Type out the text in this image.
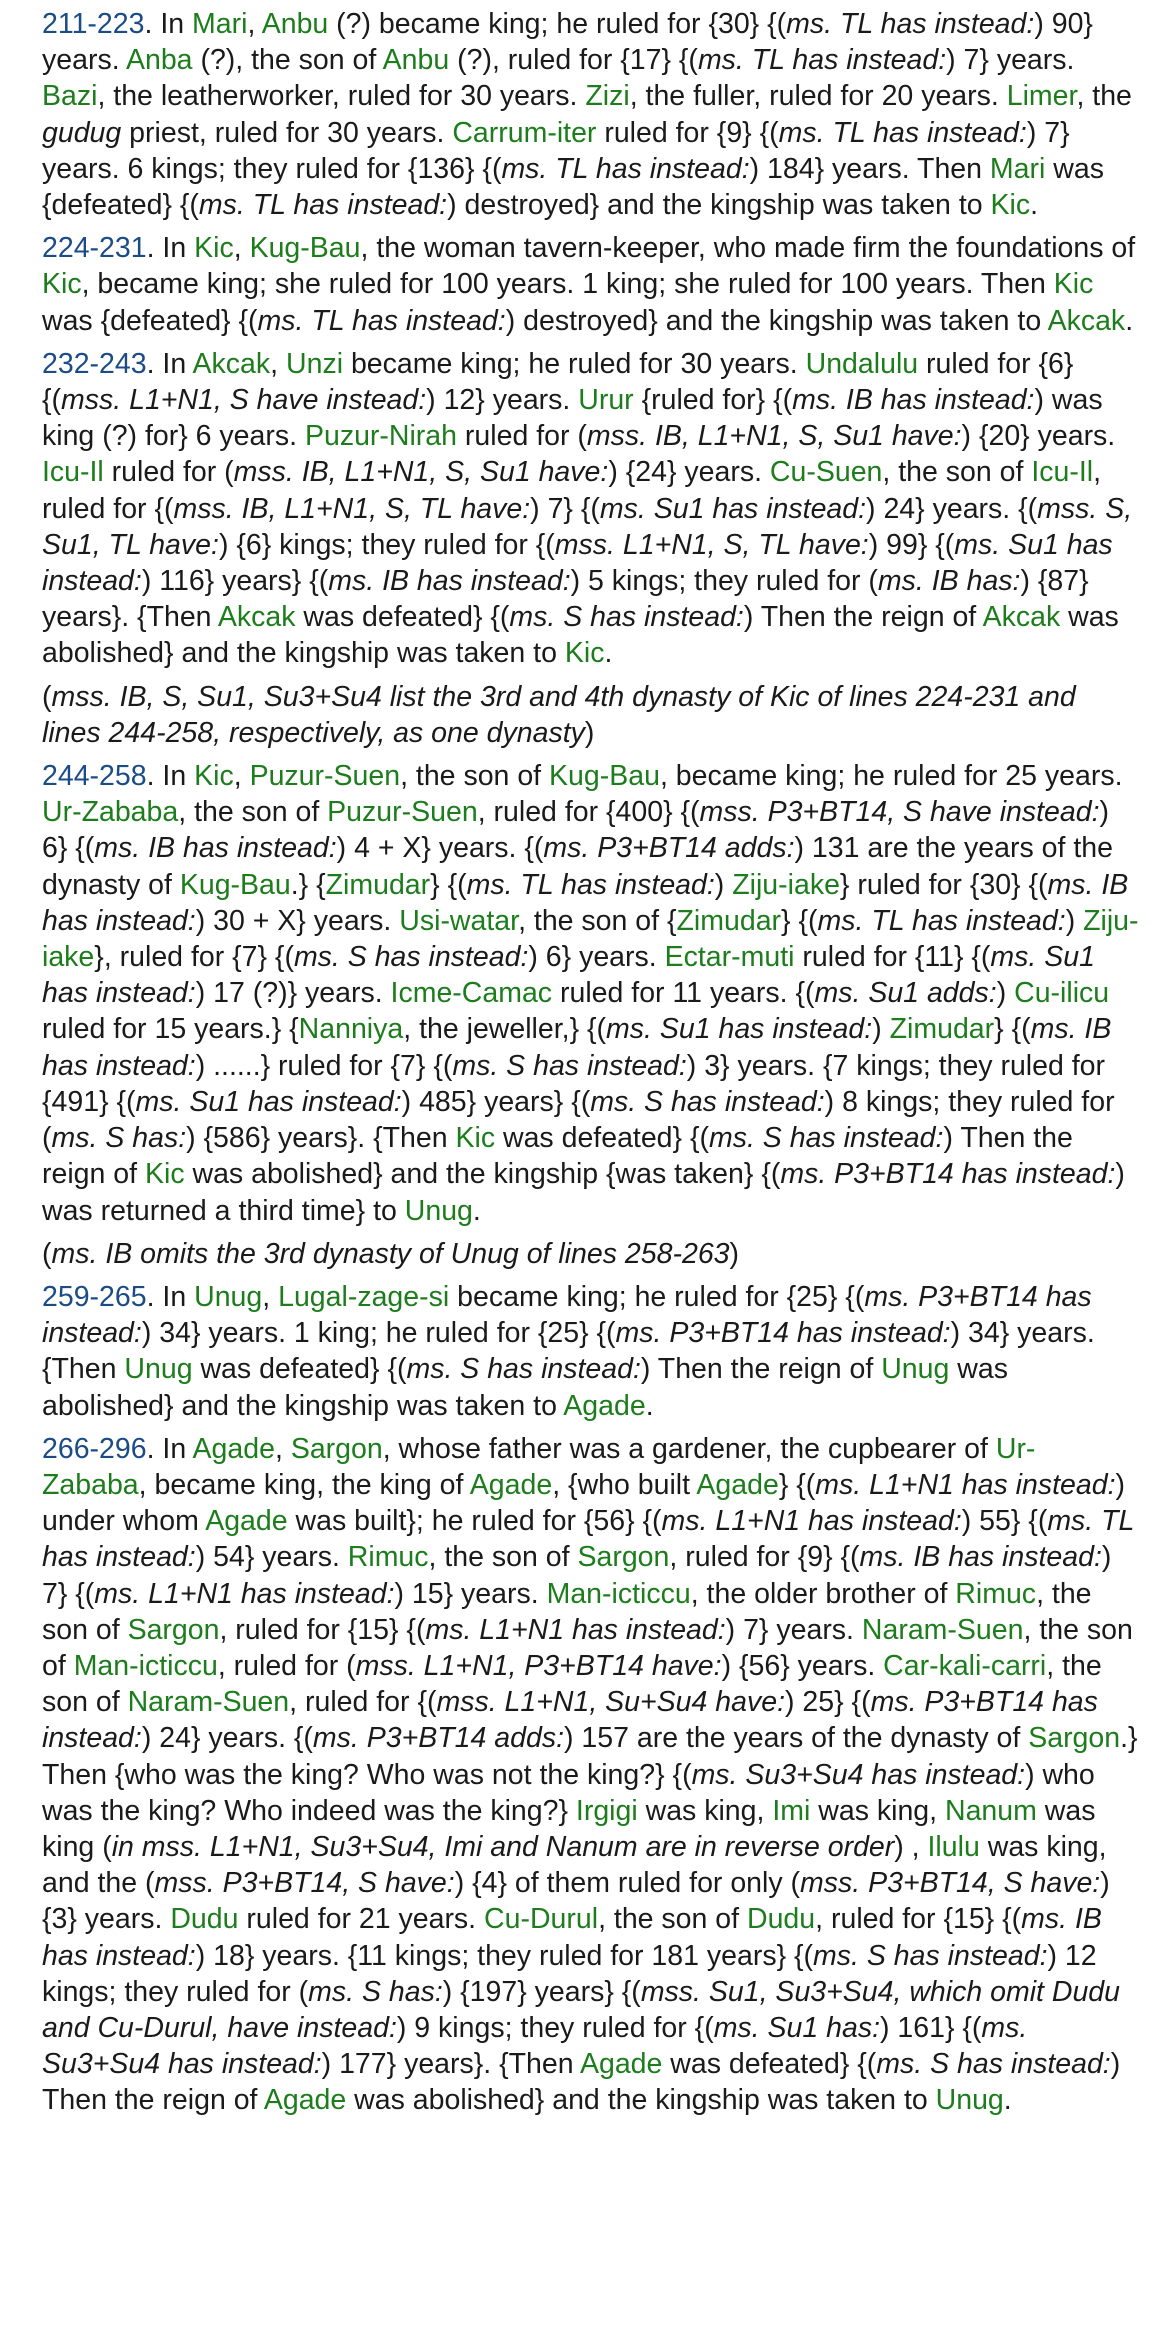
211-223. In Mari, Anbu (?) became king; he ruled for {30} {(ms. TL has instead:) 90} years. Anba (?), the son of Anbu (?), ruled for {17} {(ms. TL has instead:) 7} years. Bazi, the leatherworker, ruled for 30 years. Zizi, the fuller, ruled for 20 years. Limer, the gudug priest, ruled for 30 years. Carrum-iter ruled for {9} {(ms. TL has instead:) 7} years. 6 kings; they ruled for {136} {(ms. TL has instead:) 184} years. Then Mari was {defeated} {(ms. TL has instead:) destroyed} and the kingship was taken to Kic.

224-231. In Kic, Kug-Bau, the woman tavern-keeper, who made firm the foundations of Kic, became king; she ruled for 100 years. 1 king; she ruled for 100 years. Then Kic was {defeated} {(ms. TL has instead:) destroyed} and the kingship was taken to Akcak.

232-243. In Akcak, Unzi became king; he ruled for 30 years. Undalulu ruled for {6} {(mss. L1+N1, S have instead:) 12} years. Urur {ruled for} {(ms. IB has instead:) was king (?) for} 6 years. Puzur-Nirah ruled for (mss. IB, L1+N1, S, Su1 have:) {20} years. Icu-Il ruled for (mss. IB, L1+N1, S, Su1 have:) {24} years. Cu-Suen, the son of Icu-Il, ruled for {(mss. IB, L1+N1, S, TL have:) 7} {(ms. Su1 has instead:) 24} years. {(mss. S, Su1, TL have:) {6} kings; they ruled for {(mss. L1+N1, S, TL have:) 99} {(ms. Su1 has instead:) 116} years} {(ms. IB has instead:) 5 kings; they ruled for (ms. IB has:) {87} years}. {Then Akcak was defeated} {(ms. S has instead:) Then the reign of Akcak was abolished} and the kingship was taken to Kic.

(mss. IB, S, Su1, Su3+Su4 list the 3rd and 4th dynasty of Kic of lines 224-231 and lines 244-258, respectively, as one dynasty)

244-258. In Kic, Puzur-Suen, the son of Kug-Bau, became king; he ruled for 25 years. Ur-Zababa, the son of Puzur-Suen, ruled for {400} {(mss. P3+BT14, S have instead:) 6} {(ms. IB has instead:) 4 + X} years. {(ms. P3+BT14 adds:) 131 are the years of the dynasty of Kug-Bau.} {Zimudar} {(ms. TL has instead:) Ziju-iake} ruled for {30} {(ms. IB has instead:) 30 + X} years. Usi-watar, the son of {Zimudar} {(ms. TL has instead:) Ziju-iake}, ruled for {7} {(ms. S has instead:) 6} years. Ectar-muti ruled for {11} {(ms. Su1 has instead:) 17 (?)} years. Icme-Camac ruled for 11 years. {(ms. Su1 adds:) Cu-ilicu ruled for 15 years.} {Nanniya, the jeweller,} {(ms. Su1 has instead:) Zimudar} {(ms. IB has instead:) ......} ruled for {7} {(ms. S has instead:) 3} years. {7 kings; they ruled for {491} {(ms. Su1 has instead:) 485} years} {(ms. S has instead:) 8 kings; they ruled for (ms. S has:) {586} years}. {Then Kic was defeated} {(ms. S has instead:) Then the reign of Kic was abolished} and the kingship {was taken} {(ms. P3+BT14 has instead:) was returned a third time} to Unug.

(ms. IB omits the 3rd dynasty of Unug of lines 258-263)

259-265. In Unug, Lugal-zage-si became king; he ruled for {25} {(ms. P3+BT14 has instead:) 34} years. 1 king; he ruled for {25} {(ms. P3+BT14 has instead:) 34} years. {Then Unug was defeated} {(ms. S has instead:) Then the reign of Unug was abolished} and the kingship was taken to Agade.

266-296. In Agade, Sargon, whose father was a gardener, the cupbearer of Ur-Zababa, became king, the king of Agade, {who built Agade} {(ms. L1+N1 has instead:) under whom Agade was built}; he ruled for {56} {(ms. L1+N1 has instead:) 55} {(ms. TL has instead:) 54} years. Rimuc, the son of Sargon, ruled for {9} {(ms. IB has instead:) 7} {(ms. L1+N1 has instead:) 15} years. Man-icticcu, the older brother of Rimuc, the son of Sargon, ruled for {15} {(ms. L1+N1 has instead:) 7} years. Naram-Suen, the son of Man-icticcu, ruled for (mss. L1+N1, P3+BT14 have:) {56} years. Car-kali-carri, the son of Naram-Suen, ruled for {(mss. L1+N1, Su+Su4 have:) 25} {(ms. P3+BT14 has instead:) 24} years. {(ms. P3+BT14 adds:) 157 are the years of the dynasty of Sargon.} Then {who was the king? Who was not the king?} {(ms. Su3+Su4 has instead:) who was the king? Who indeed was the king?} Irgigi was king, Imi was king, Nanum was king (in mss. L1+N1, Su3+Su4, Imi and Nanum are in reverse order) , Ilulu was king, and the (mss. P3+BT14, S have:) {4} of them ruled for only (mss. P3+BT14, S have:) {3} years. Dudu ruled for 21 years. Cu-Durul, the son of Dudu, ruled for {15} {(ms. IB has instead:) 18} years. {11 kings; they ruled for 181 years} {(ms. S has instead:) 12 kings; they ruled for (ms. S has:) {197} years} {(mss. Su1, Su3+Su4, which omit Dudu and Cu-Durul, have instead:) 9 kings; they ruled for {(ms. Su1 has:) 161} {(ms. Su3+Su4 has instead:) 177} years}. {Then Agade was defeated} {(ms. S has instead:) Then the reign of Agade was abolished} and the kingship was taken to Unug.
